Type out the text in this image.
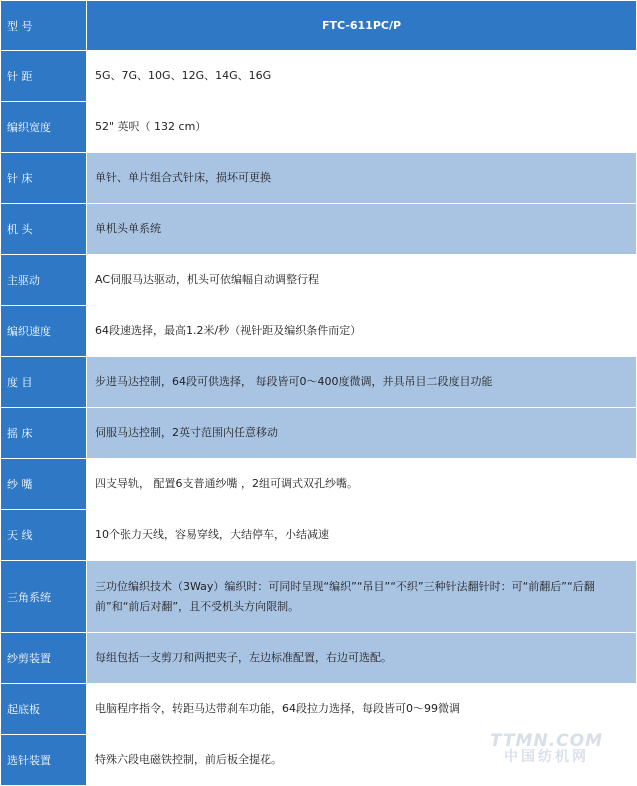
型 号	FTC-611PC/P
针 距	5G、7G、10G、12G、14G、16G
编织宽度	52" 英呎（ 132 cm）
针 床	单针、单片组合式针床，损坏可更换
机 头	单机头单系统
主驱动	AC伺服马达驱动，机头可依编幅自动调整行程
编织速度	64段速选择，最高1.2米/秒（视针距及编织条件而定）
度 目	步进马达控制，64段可供选择， 每段皆可0～400度微调，并具吊目二段度目功能
摇 床	伺服马达控制，2英寸范围内任意移动
纱 嘴	四支导轨， 配置6支普通纱嘴 ，2组可调式双孔纱嘴。
天 线	10个张力天线，容易穿线，大结停车，小结减速
三角系统	三功位编织技术（3Way）编织时：可同时呈现“编织”“吊目”“不织”三种针法翻针时：可“前翻后”“后翻前”和“前后对翻”，且不受机头方向限制。
纱剪装置	每组包括一支剪刀和两把夹子，左边标准配置，右边可选配。
起底板	电脑程序指令，转距马达带刹车功能，64段拉力选择，每段皆可0～99微调
选针装置	特殊六段电磁铁控制，前后板全提花。
TTMN.COM
中国纺机网
